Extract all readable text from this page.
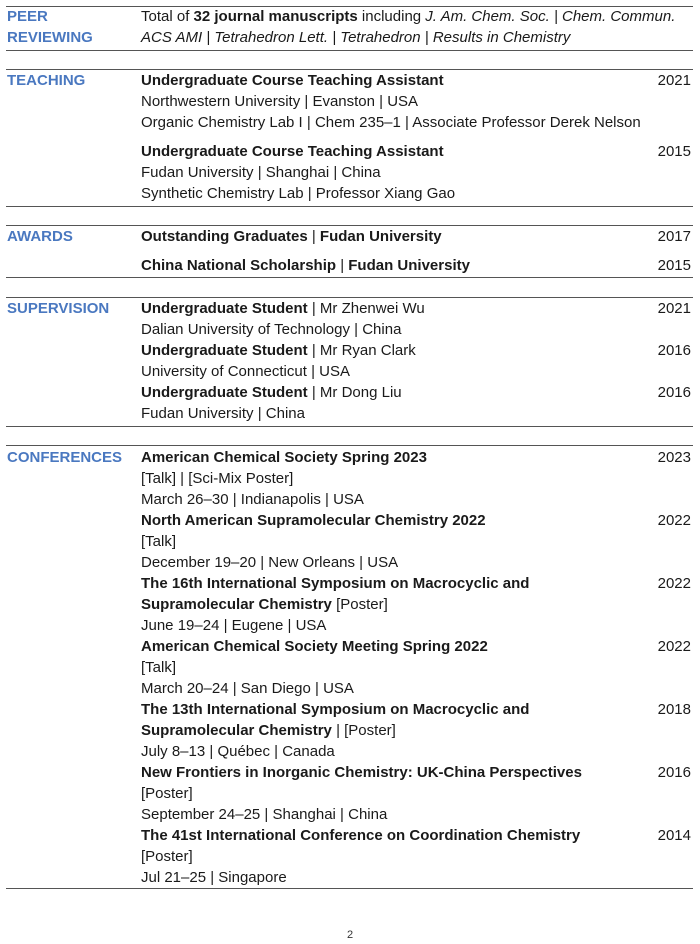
PEER
REVIEWING
Total of 32 journal manuscripts including J. Am. Chem. Soc. | Chem. Commun.
ACS AMI | Tetrahedron Lett. | Tetrahedron | Results in Chemistry
TEACHING	Undergraduate Course Teaching Assistant	2021
Northwestern University | Evanston | USA
Organic Chemistry Lab I | Chem 235–1 | Associate Professor Derek Nelson
Undergraduate Course Teaching Assistant	2015
Fudan University | Shanghai | China
Synthetic Chemistry Lab | Professor Xiang Gao
AWARDS	Outstanding Graduates | Fudan University	2017
China National Scholarship | Fudan University	2015
SUPERVISION Undergraduate Student | Mr Zhenwei Wu	2021
Dalian University of Technology | China
Undergraduate Student | Mr Ryan Clark	2016
University of Connecticut | USA
Undergraduate Student | Mr Dong Liu	2016
Fudan University | China
CONFERENCES American Chemical Society Spring 2023	2023
[Talk] | [Sci-Mix Poster]
March 26–30 | Indianapolis | USA
North American Supramolecular Chemistry 2022	2022
[Talk]
December 19–20 | New Orleans | USA
The 16th International Symposium on Macrocyclic and	2022
Supramolecular Chemistry [Poster]
June 19–24 | Eugene | USA
American Chemical Society Meeting Spring 2022	2022
[Talk]
March 20–24 | San Diego | USA
The 13th International Symposium on Macrocyclic and	2018
Supramolecular Chemistry | [Poster]
July 8–13 | Québec | Canada
New Frontiers in Inorganic Chemistry: UK-China Perspectives	2016
[Poster]
September 24–25 | Shanghai | China
The 41st International Conference on Coordination Chemistry	2014
[Poster]
Jul 21–25 | Singapore
2
